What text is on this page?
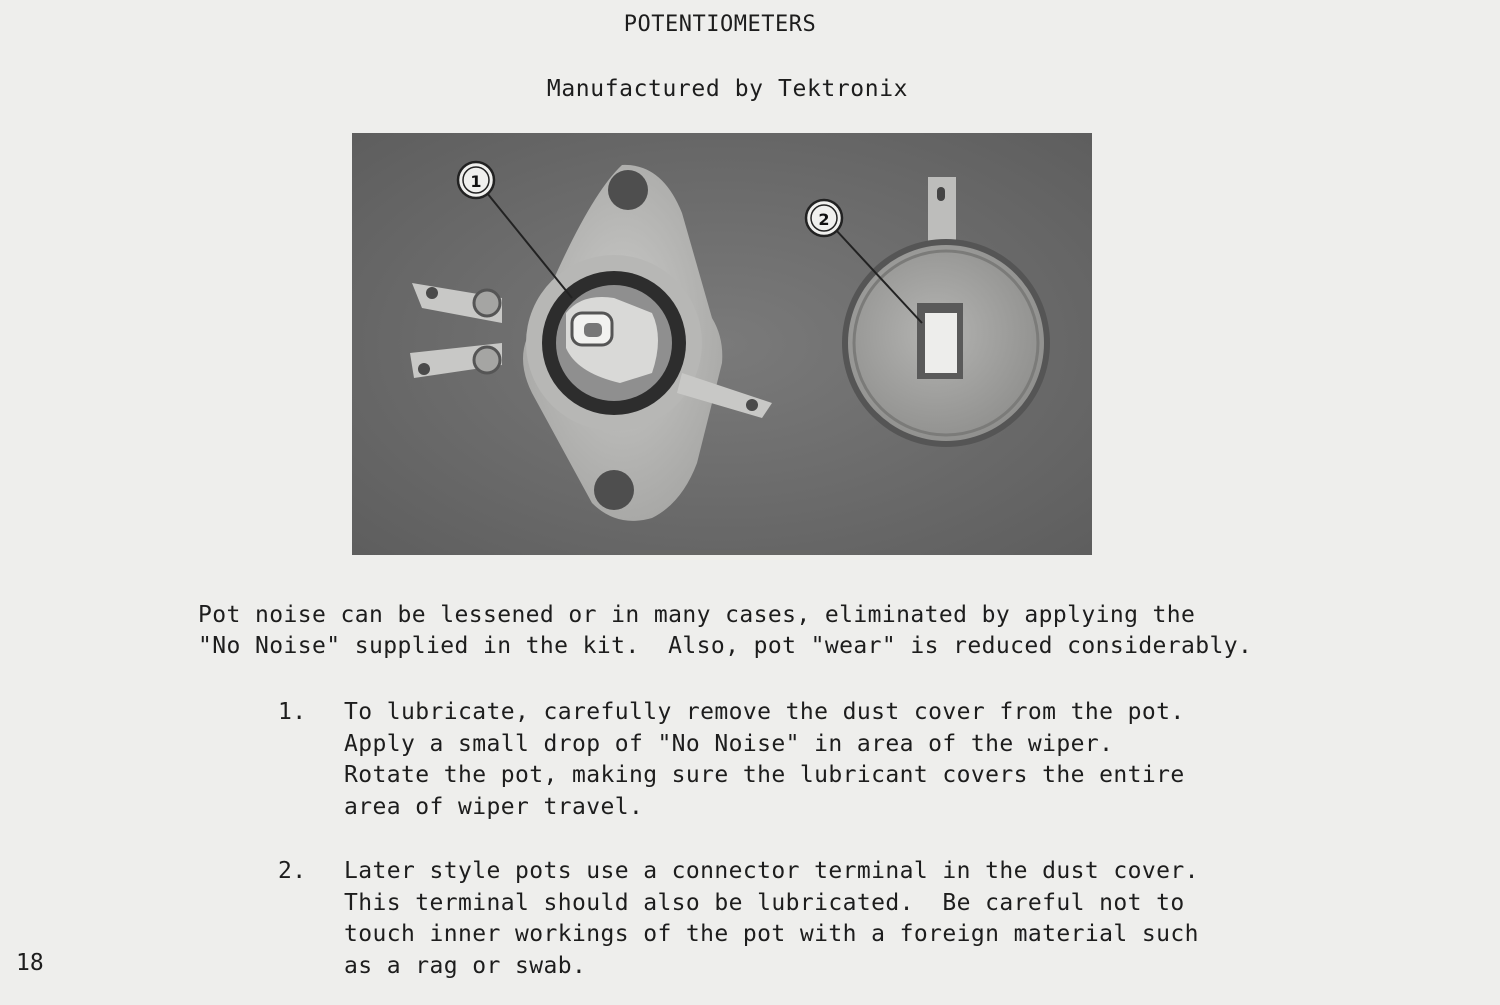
POTENTIOMETERS
Manufactured by Tektronix
1
2
Pot noise can be lessened or in many cases, eliminated by applying the
"No Noise" supplied in the kit.  Also, pot "wear" is reduced considerably.
1.	To lubricate, carefully remove the dust cover from the pot.
Apply a small drop of "No Noise" in area of the wiper.
Rotate the pot, making sure the lubricant covers the entire
area of wiper travel.
2.	Later style pots use a connector terminal in the dust cover.
This terminal should also be lubricated.  Be careful not to
touch inner workings of the pot with a foreign material such
as a rag or swab.
18
